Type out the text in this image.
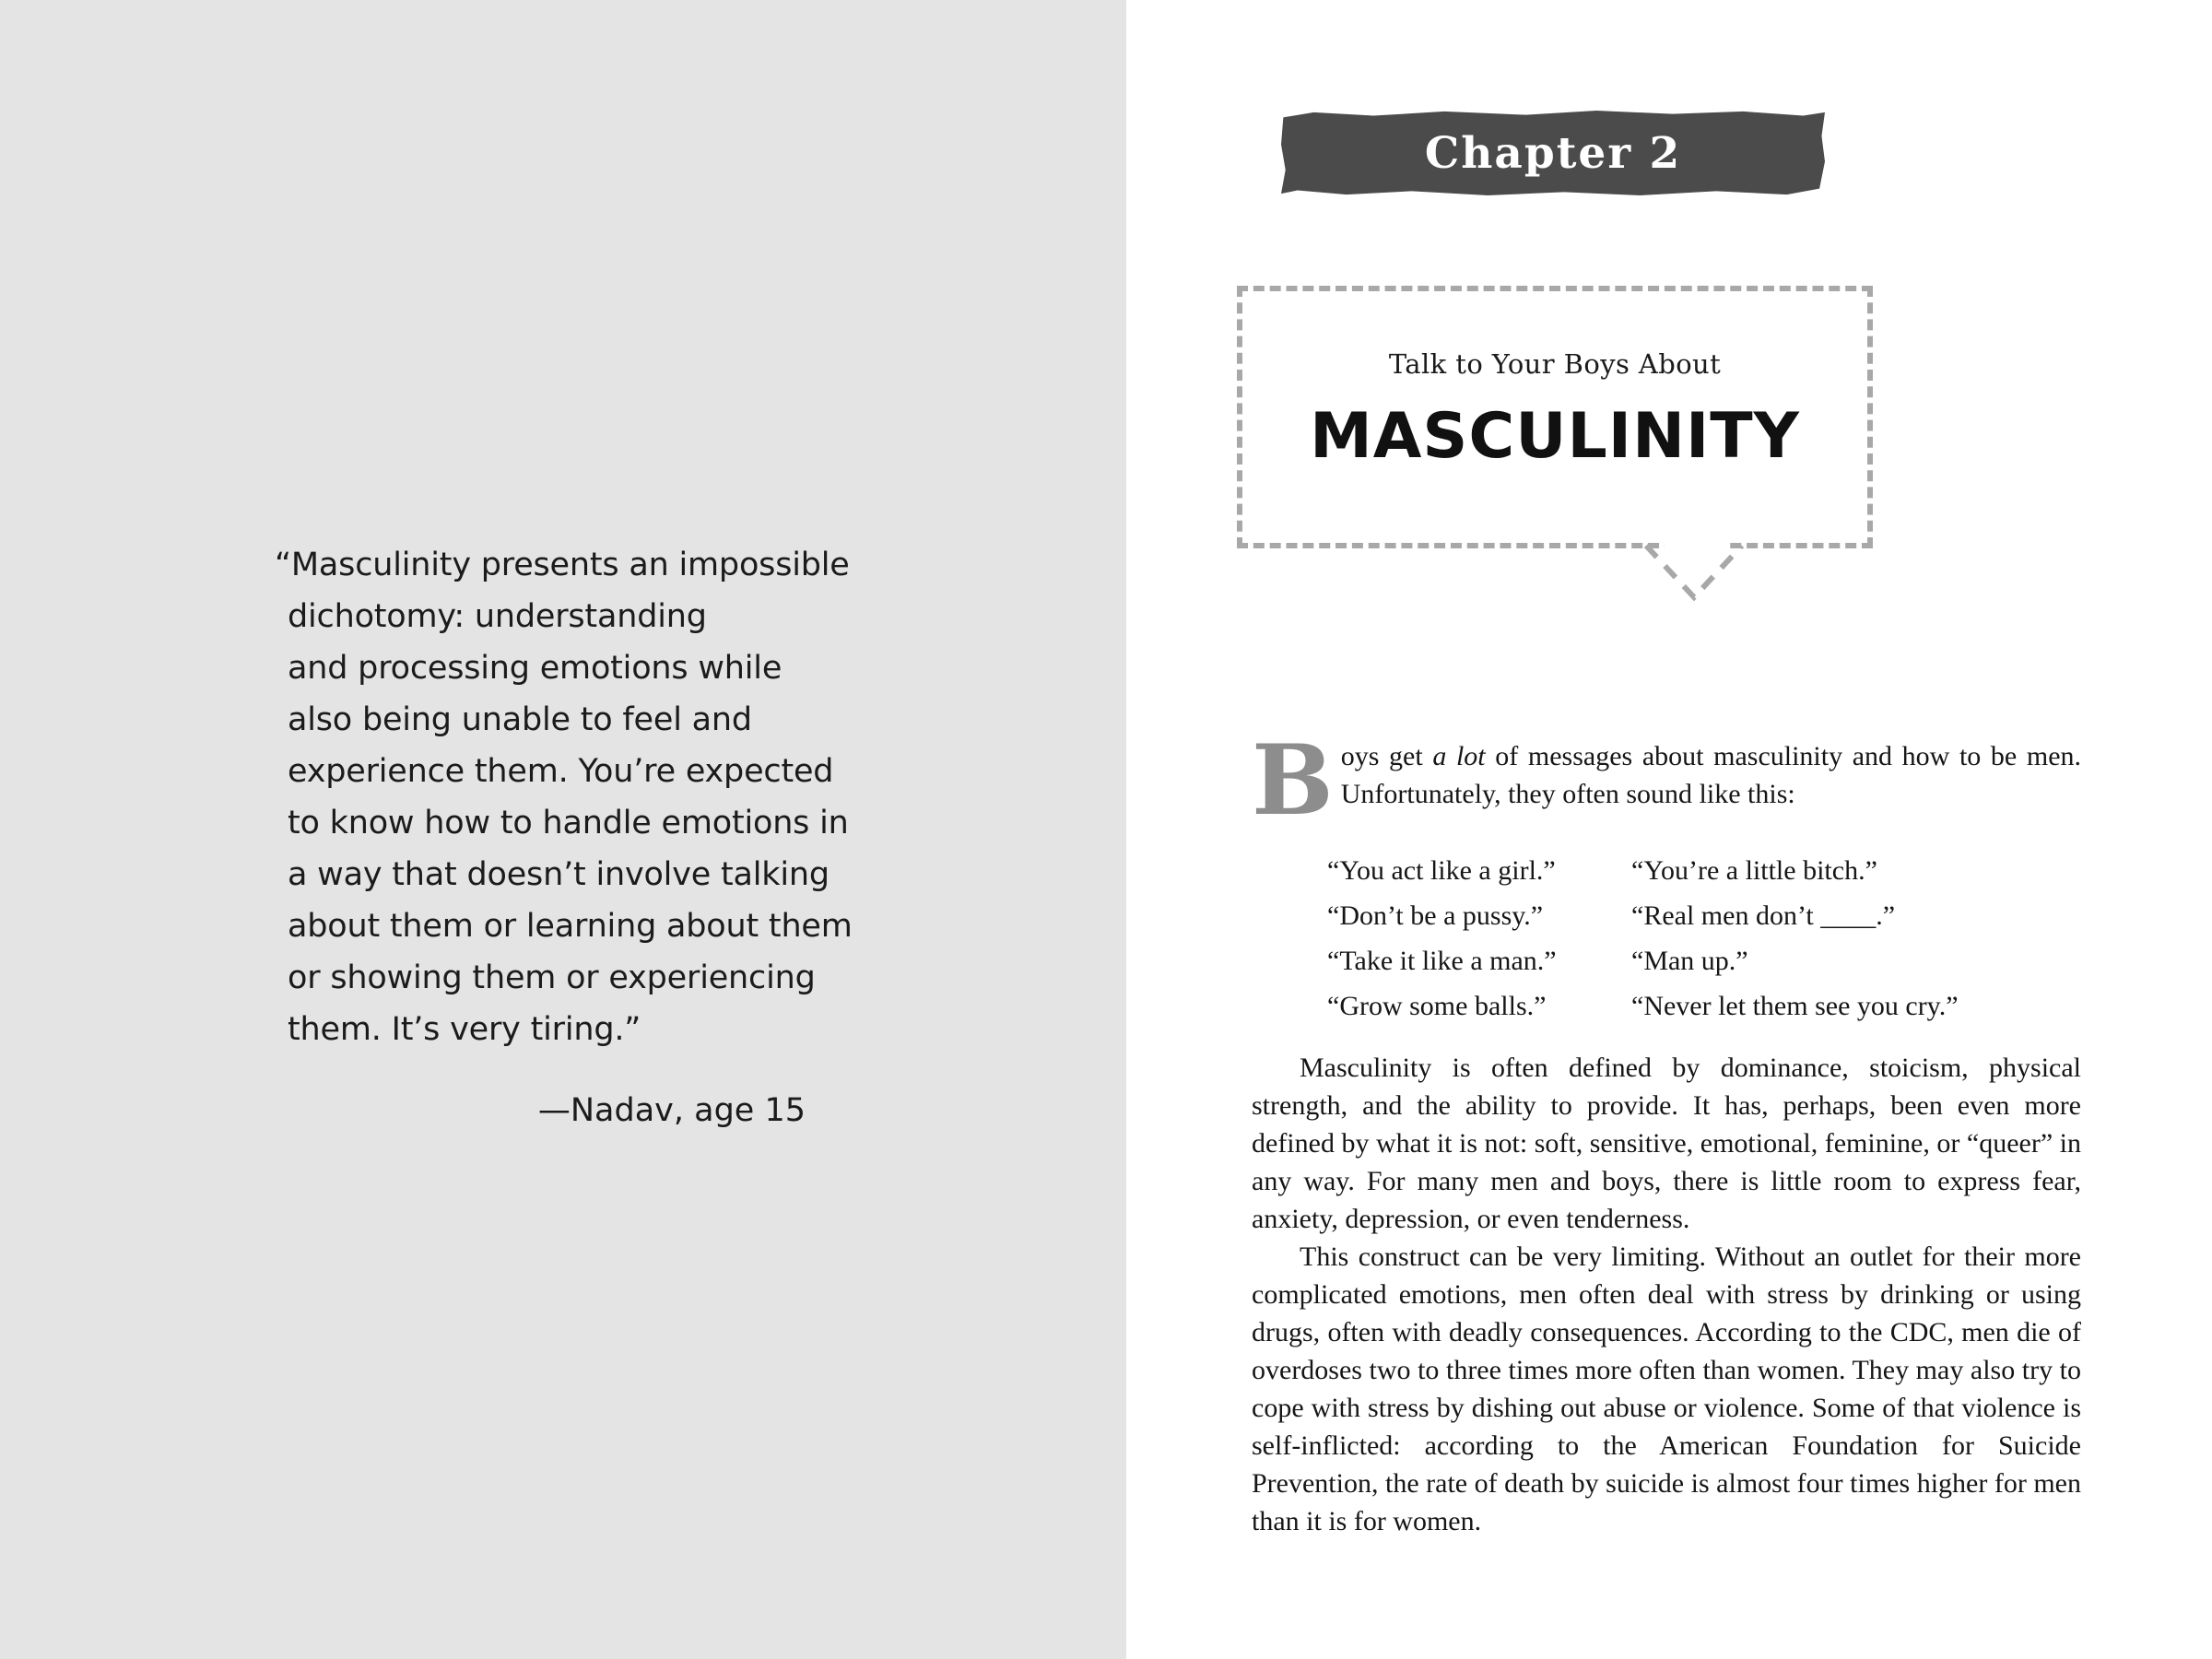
“Masculinity presents an impossible
dichotomy: understanding
and processing emotions while
also being unable to feel and
experience them. You’re expected
to know how to handle emotions in
a way that doesn’t involve talking
about them or learning about them
or showing them or experiencing
them. It’s very tiring.”
—Nadav, age 15
Chapter 2
Talk to Your Boys About
MASCULINITY
Boys get a lot of messages about masculinity and how to be men. Unfortunately, they often sound like this:
“You act like a girl.”	“You’re a little bitch.”
“Don’t be a pussy.”	“Real men don’t ____.”
“Take it like a man.”	“Man up.”
“Grow some balls.”	“Never let them see you cry.”

Masculinity is often defined by dominance, stoicism, physical strength, and the ability to provide. It has, perhaps, been even more defined by what it is not: soft, sensitive, emotional, feminine, or “queer” in any way. For many men and boys, there is little room to express fear, anxiety, depression, or even tenderness.

This construct can be very limiting. Without an outlet for their more complicated emotions, men often deal with stress by drinking or using drugs, often with deadly consequences. According to the CDC, men die of overdoses two to three times more often than women. They may also try to cope with stress by dishing out abuse or violence. Some of that violence is self-inflicted: according to the American Foundation for Suicide Prevention, the rate of death by suicide is almost four times higher for men than it is for women.
